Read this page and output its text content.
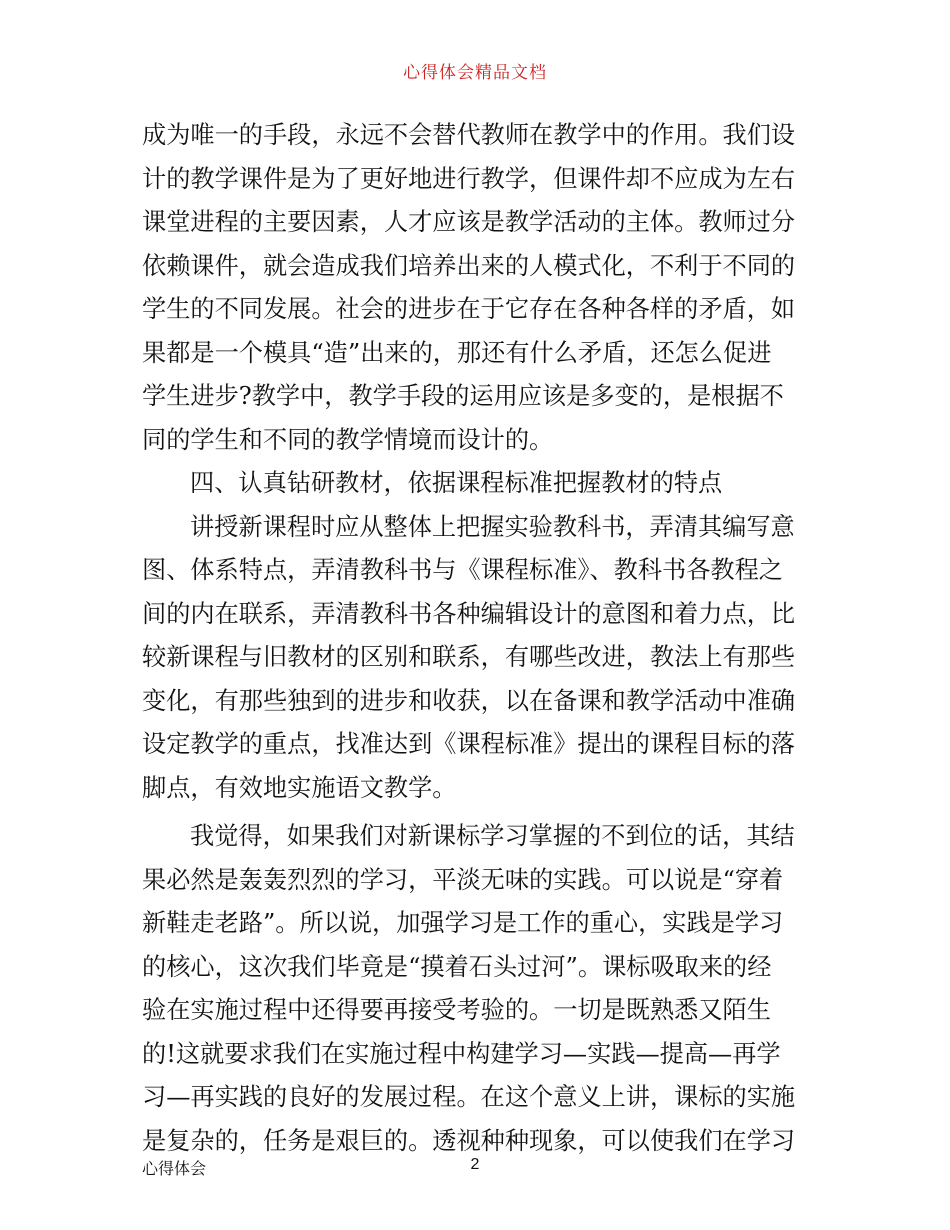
心得体会精品文档
成为唯一的手段，永远不会替代教师在教学中的作用。我们设
计的教学课件是为了更好地进行教学，但课件却不应成为左右
课堂进程的主要因素，人才应该是教学活动的主体。教师过分
依赖课件，就会造成我们培养出来的人模式化，不利于不同的
学生的不同发展。社会的进步在于它存在各种各样的矛盾，如
果都是一个模具“造”出来的，那还有什么矛盾，还怎么促进
学生进步?教学中，教学手段的运用应该是多变的，是根据不
同的学生和不同的教学情境而设计的。
四、认真钻研教材，依据课程标准把握教材的特点
讲授新课程时应从整体上把握实验教科书，弄清其编写意
图、体系特点，弄清教科书与《课程标准》、教科书各教程之
间的内在联系，弄清教科书各种编辑设计的意图和着力点，比
较新课程与旧教材的区别和联系，有哪些改进，教法上有那些
变化，有那些独到的进步和收获，以在备课和教学活动中准确
设定教学的重点，找准达到《课程标准》提出的课程目标的落
脚点，有效地实施语文教学。
我觉得，如果我们对新课标学习掌握的不到位的话，其结
果必然是轰轰烈烈的学习，平淡无味的实践。可以说是“穿着
新鞋走老路”。所以说，加强学习是工作的重心，实践是学习
的核心，这次我们毕竟是“摸着石头过河”。课标吸取来的经
验在实施过程中还得要再接受考验的。一切是既熟悉又陌生
的!这就要求我们在实施过程中构建学习—实践—提高—再学
习—再实践的良好的发展过程。在这个意义上讲，课标的实施
是复杂的，任务是艰巨的。透视种种现象，可以使我们在学习
心得体会	2
